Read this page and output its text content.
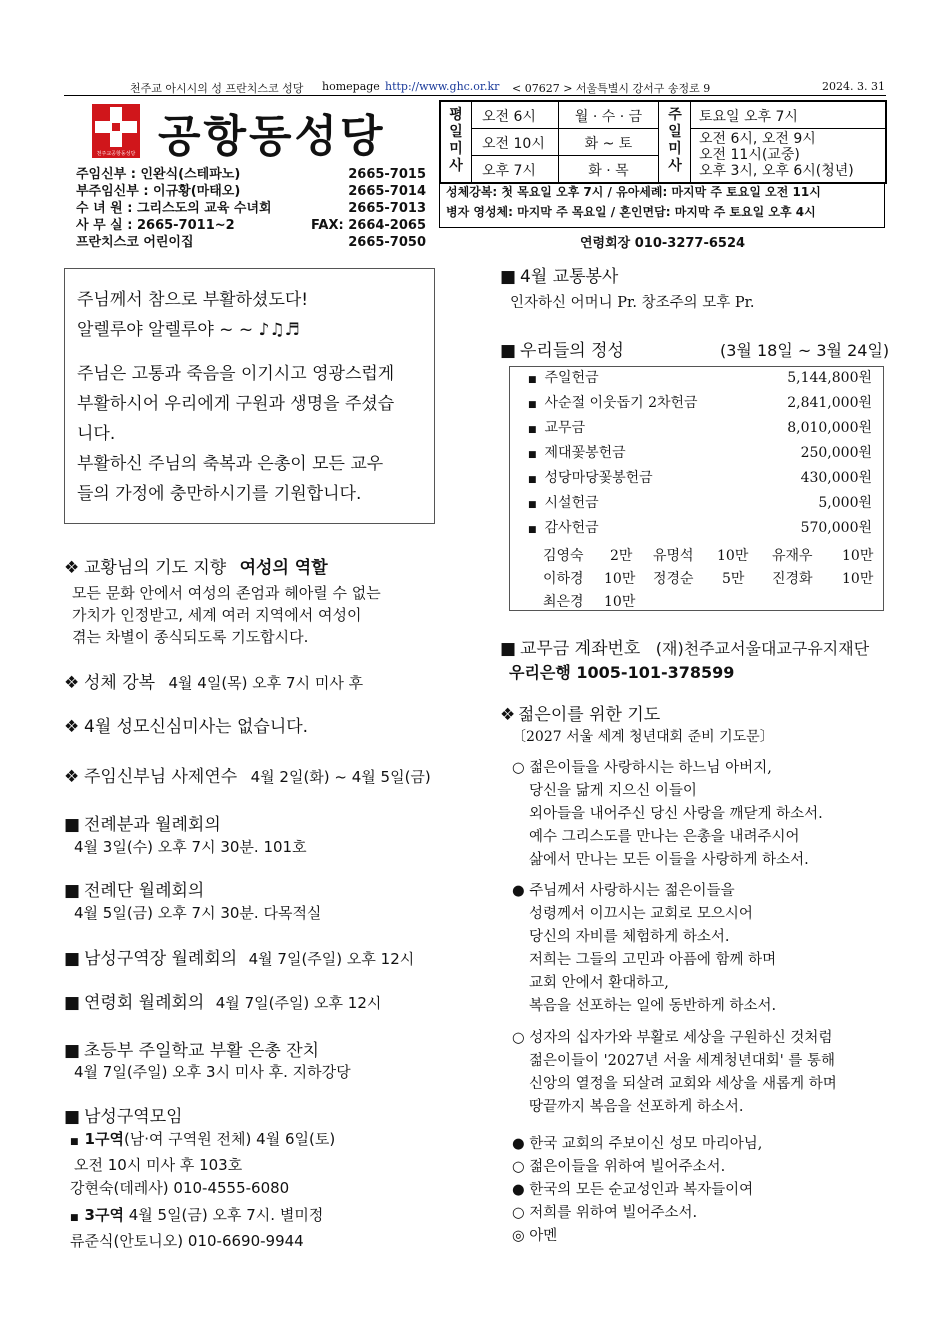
천주교 아시시의 성 프란치스코 성당 homepage http://www.ghc.or.kr < 07627 > 서울특별시 강서구 송정로 9	2024. 3. 31
천주교공항동성당 공항동성당
주임신부 : 인완식(스테파노)	2665-7015
부주임신부 : 이규황(마태오)	2665-7014
수 녀 원 : 그리스도의 교육 수녀회	2665-7013
사 무 실 : 2665-7011~2	FAX: 2664-2065
프란치스코 어린이집	2665-7050
평일미사
오전 6시	월 · 수 · 금
오전 10시	화 ~ 토
오후 7시	화 · 목
주일미사
토요일 오후 7시
오전 6시, 오전 9시
오전 11시(교중)
오후 3시, 오후 6시(청년)
성체강복: 첫 목요일 오후 7시 / 유아세례: 마지막 주 토요일 오전 11시
병자 영성체: 마지막 주 목요일 / 혼인면담: 마지막 주 토요일 오후 4시
연령회장 010-3277-6524

주님께서 참으로 부활하셨도다!

알렐루야 알렐루야 ~ ~ ♪♫♬

주님은 고통과 죽음을 이기시고 영광스럽게

부활하시어 우리에게 구원과 생명을 주셨습

니다.

부활하신 주님의 축복과 은총이 모든 교우

들의 가정에 충만하시기를 기원합니다.

❖ 교황님의 기도 지향 여성의 역할
모든 문화 안에서 여성의 존엄과 헤아릴 수 없는
가치가 인정받고, 세계 여러 지역에서 여성이
겪는 차별이 종식되도록 기도합시다.
❖ 성체 강복 4월 4일(목) 오후 7시 미사 후
❖ 4월 성모신심미사는 없습니다.
❖ 주임신부님 사제연수 4월 2일(화) ~ 4월 5일(금)
■ 전례분과 월례회의
4월 3일(수) 오후 7시 30분. 101호
■ 전례단 월례회의
4월 5일(금) 오후 7시 30분. 다목적실
■ 남성구역장 월례회의 4월 7일(주일) 오후 12시
■ 연령회 월례회의 4월 7일(주일) 오후 12시
■ 초등부 주일학교 부활 은총 잔치
4월 7일(주일) 오후 3시 미사 후. 지하강당
■ 남성구역모임
■ 1구역(남·여 구역원 전체) 4월 6일(토)
오전 10시 미사 후 103호
강현숙(데레사) 010-4555-6080
■ 3구역 4월 5일(금) 오후 7시. 별미정
류준식(안토니오) 010-6690-9944
■ 4월 교통봉사
인자하신 어머니 Pr. 창조주의 모후 Pr.
■ 우리들의 정성	(3월 18일 ~ 3월 24일)
■ 주일헌금	5,144,800원
■ 사순절 이웃돕기 2차헌금	2,841,000원
■ 교무금	8,010,000원
■ 제대꽃봉헌금	250,000원
■ 성당마당꽃봉헌금	430,000원
■ 시설헌금	5,000원
■ 감사헌금	570,000원
김영숙 2만 유명석 10만 유재우 10만
이하경 10만 정경순 5만 진경화 10만
최은경 10만
■ 교무금 계좌번호 (재)천주교서울대교구유지재단
우리은행 1005-101-378599
❖ 젊은이를 위한 기도
〔2027 서울 세계 청년대회 준비 기도문〕
○ 젊은이들을 사랑하시는 하느님 아버지,
당신을 닮게 지으신 이들이
외아들을 내어주신 당신 사랑을 깨닫게 하소서.
예수 그리스도를 만나는 은총을 내려주시어
삶에서 만나는 모든 이들을 사랑하게 하소서.
● 주님께서 사랑하시는 젊은이들을
성령께서 이끄시는 교회로 모으시어
당신의 자비를 체험하게 하소서.
저희는 그들의 고민과 아픔에 함께 하며
교회 안에서 환대하고,
복음을 선포하는 일에 동반하게 하소서.
○ 성자의 십자가와 부활로 세상을 구원하신 것처럼
젊은이들이 '2027년 서울 세계청년대회' 를 통해
신앙의 열정을 되살려 교회와 세상을 새롭게 하며
땅끝까지 복음을 선포하게 하소서.
● 한국 교회의 주보이신 성모 마리아님,
○ 젊은이들을 위하여 빌어주소서.
● 한국의 모든 순교성인과 복자들이여
○ 저희를 위하여 빌어주소서.
◎ 아멘
